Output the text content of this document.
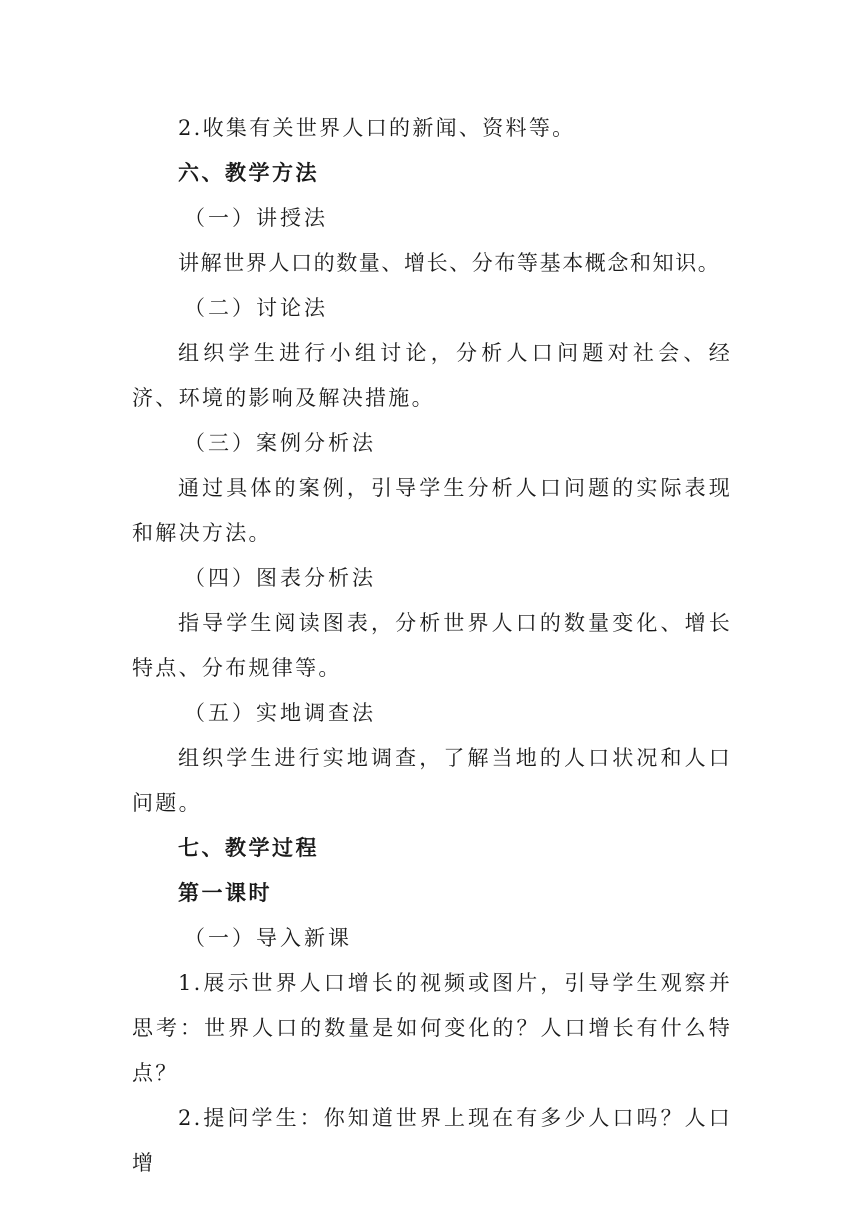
2.收集有关世界人口的新闻、资料等。

六、教学方法

（一）讲授法

讲解世界人口的数量、增长、分布等基本概念和知识。

（二）讨论法

组织学生进行小组讨论，分析人口问题对社会、经济、环境的影响及解决措施。

（三）案例分析法

通过具体的案例，引导学生分析人口问题的实际表现和解决方法。

（四）图表分析法

指导学生阅读图表，分析世界人口的数量变化、增长特点、分布规律等。

（五）实地调查法

组织学生进行实地调查，了解当地的人口状况和人口问题。

七、教学过程

第一课时

（一）导入新课

1.展示世界人口增长的视频或图片，引导学生观察并思考：世界人口的数量是如何变化的？人口增长有什么特点？

2.提问学生：你知道世界上现在有多少人口吗？人口增
